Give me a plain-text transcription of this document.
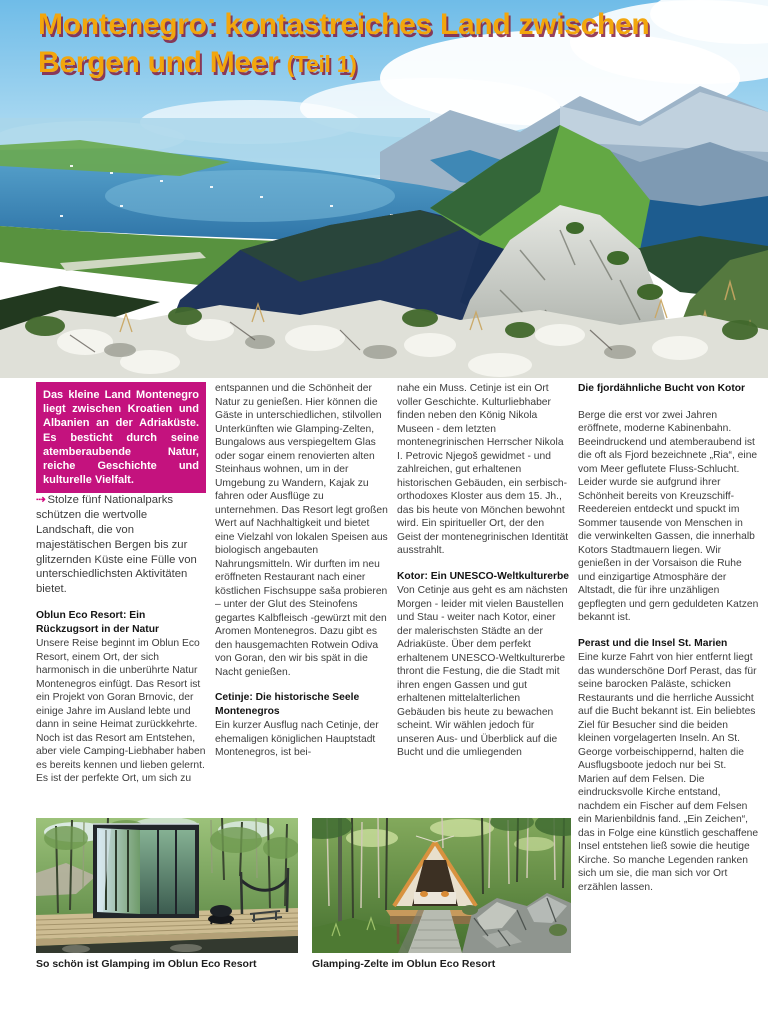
Montenegro: kontastreiches Land zwischen
Bergen und Meer (Teil 1)
Das kleine Land Montenegro liegt zwischen Kroatien und Albanien an der Adriaküste. Es besticht durch seine atemberaubende Natur, reiche Geschichte und kulturelle Vielfalt.

⇢ Stolze fünf Nationalparks schützen die wertvolle Landschaft, die von majestätischen Bergen bis zur glitzernden Küste eine Fülle von unterschiedlichsten Aktivitäten bietet.

Oblun Eco Resort: Ein Rückzugsort in der Natur

Unsere Reise beginnt im Oblun Eco Resort, einem Ort, der sich harmonisch in die unberührte Natur Montenegros einfügt. Das Resort ist ein Projekt von Goran Brnovic, der einige Jahre im Ausland lebte und dann in seine Heimat zurückkehrte. Noch ist das Resort am Entstehen, aber viele Camping-Liebhaber haben es bereits kennen und lieben gelernt. Es ist der perfekte Ort, um sich zu

entspannen und die Schönheit der Natur zu genießen. Hier können die Gäste in unterschiedlichen, stilvollen Unterkünften wie Glamping-Zelten, Bungalows aus verspiegeltem Glas oder sogar einem renovierten alten Steinhaus wohnen, um in der Umgebung zu Wandern, Kajak zu fahren oder Ausflüge zu unternehmen. Das Resort legt großen Wert auf Nachhaltigkeit und bietet eine Vielzahl von lokalen Speisen aus biologisch angebauten Nahrungsmitteln. Wir durften im neu eröffneten Restaurant nach einer köstlichen Fischsuppe saša probieren – unter der Glut des Steinofens gegartes Kalbfleisch -gewürzt mit den Aromen Montenegros. Dazu gibt es den hausgemachten Rotwein Odiva von Goran, den wir bis spät in die Nacht genießen.

Cetinje: Die historische Seele Montenegros

Ein kurzer Ausflug nach Cetinje, der ehemaligen königlichen Hauptstadt Montenegros, ist bei-

nahe ein Muss. Cetinje ist ein Ort voller Geschichte. Kulturliebhaber finden neben den König Nikola Museen - dem letzten montenegrinischen Herrscher Nikola I. Petrovic Njegoš gewidmet - und zahlreichen, gut erhaltenen historischen Gebäuden, ein serbisch-orthodoxes Kloster aus dem 15. Jh., das bis heute von Mönchen bewohnt wird. Ein spiritueller Ort, der den Geist der montenegrinischen Identität ausstrahlt.

Kotor: Ein UNESCO-Weltkulturerbe

Von Cetinje aus geht es am nächsten Morgen - leider mit vielen Baustellen und Stau - weiter nach Kotor, einer der malerischsten Städte an der Adriaküste. Über dem perfekt erhaltenem UNESCO-Weltkulturerbe thront die Festung, die die Stadt mit ihren engen Gassen und gut erhaltenen mittelalterlichen Gebäuden bis heute zu bewachen scheint. Wir wählen jedoch für unseren Aus- und Überblick auf die Bucht und die umliegenden

Die fjordähnliche Bucht von Kotor

Berge die erst vor zwei Jahren eröffnete, moderne Kabinenbahn. Beeindruckend und atemberaubend ist die oft als Fjord bezeichnete „Ria“, eine vom Meer geflutete Fluss-Schlucht. Leider wurde sie aufgrund ihrer Schönheit bereits von Kreuzschiff-Reedereien entdeckt und spuckt im Sommer tausende von Menschen in die verwinkelten Gassen, die innerhalb Kotors Stadtmauern liegen. Wir genießen in der Vorsaison die Ruhe und einzigartige Atmosphäre der Altstadt, die für ihre unzähligen gepflegten und gern geduldeten Katzen bekannt ist.

Perast und die Insel St. Marien

Eine kurze Fahrt von hier entfernt liegt das wunderschöne Dorf Perast, das für seine barocken Paläste, schicken Restaurants und die herrliche Aussicht auf die Bucht bekannt ist. Ein beliebtes Ziel für Besucher sind die beiden kleinen vorgelagerten Inseln. An St. George vorbeischippernd, halten die Ausflugsboote jedoch nur bei St. Marien auf dem Felsen. Die eindrucksvolle Kirche entstand, nachdem ein Fischer auf dem Felsen ein Marienbildnis fand. „Ein Zeichen“, das in Folge eine künstlich geschaffene Insel entstehen ließ sowie die heutige Kirche. So manche Legenden ranken sich um sie, die man sich vor Ort erzählen lassen.

So schön ist Glamping im Oblun Eco Resort	Glamping-Zelte im Oblun Eco Resort
